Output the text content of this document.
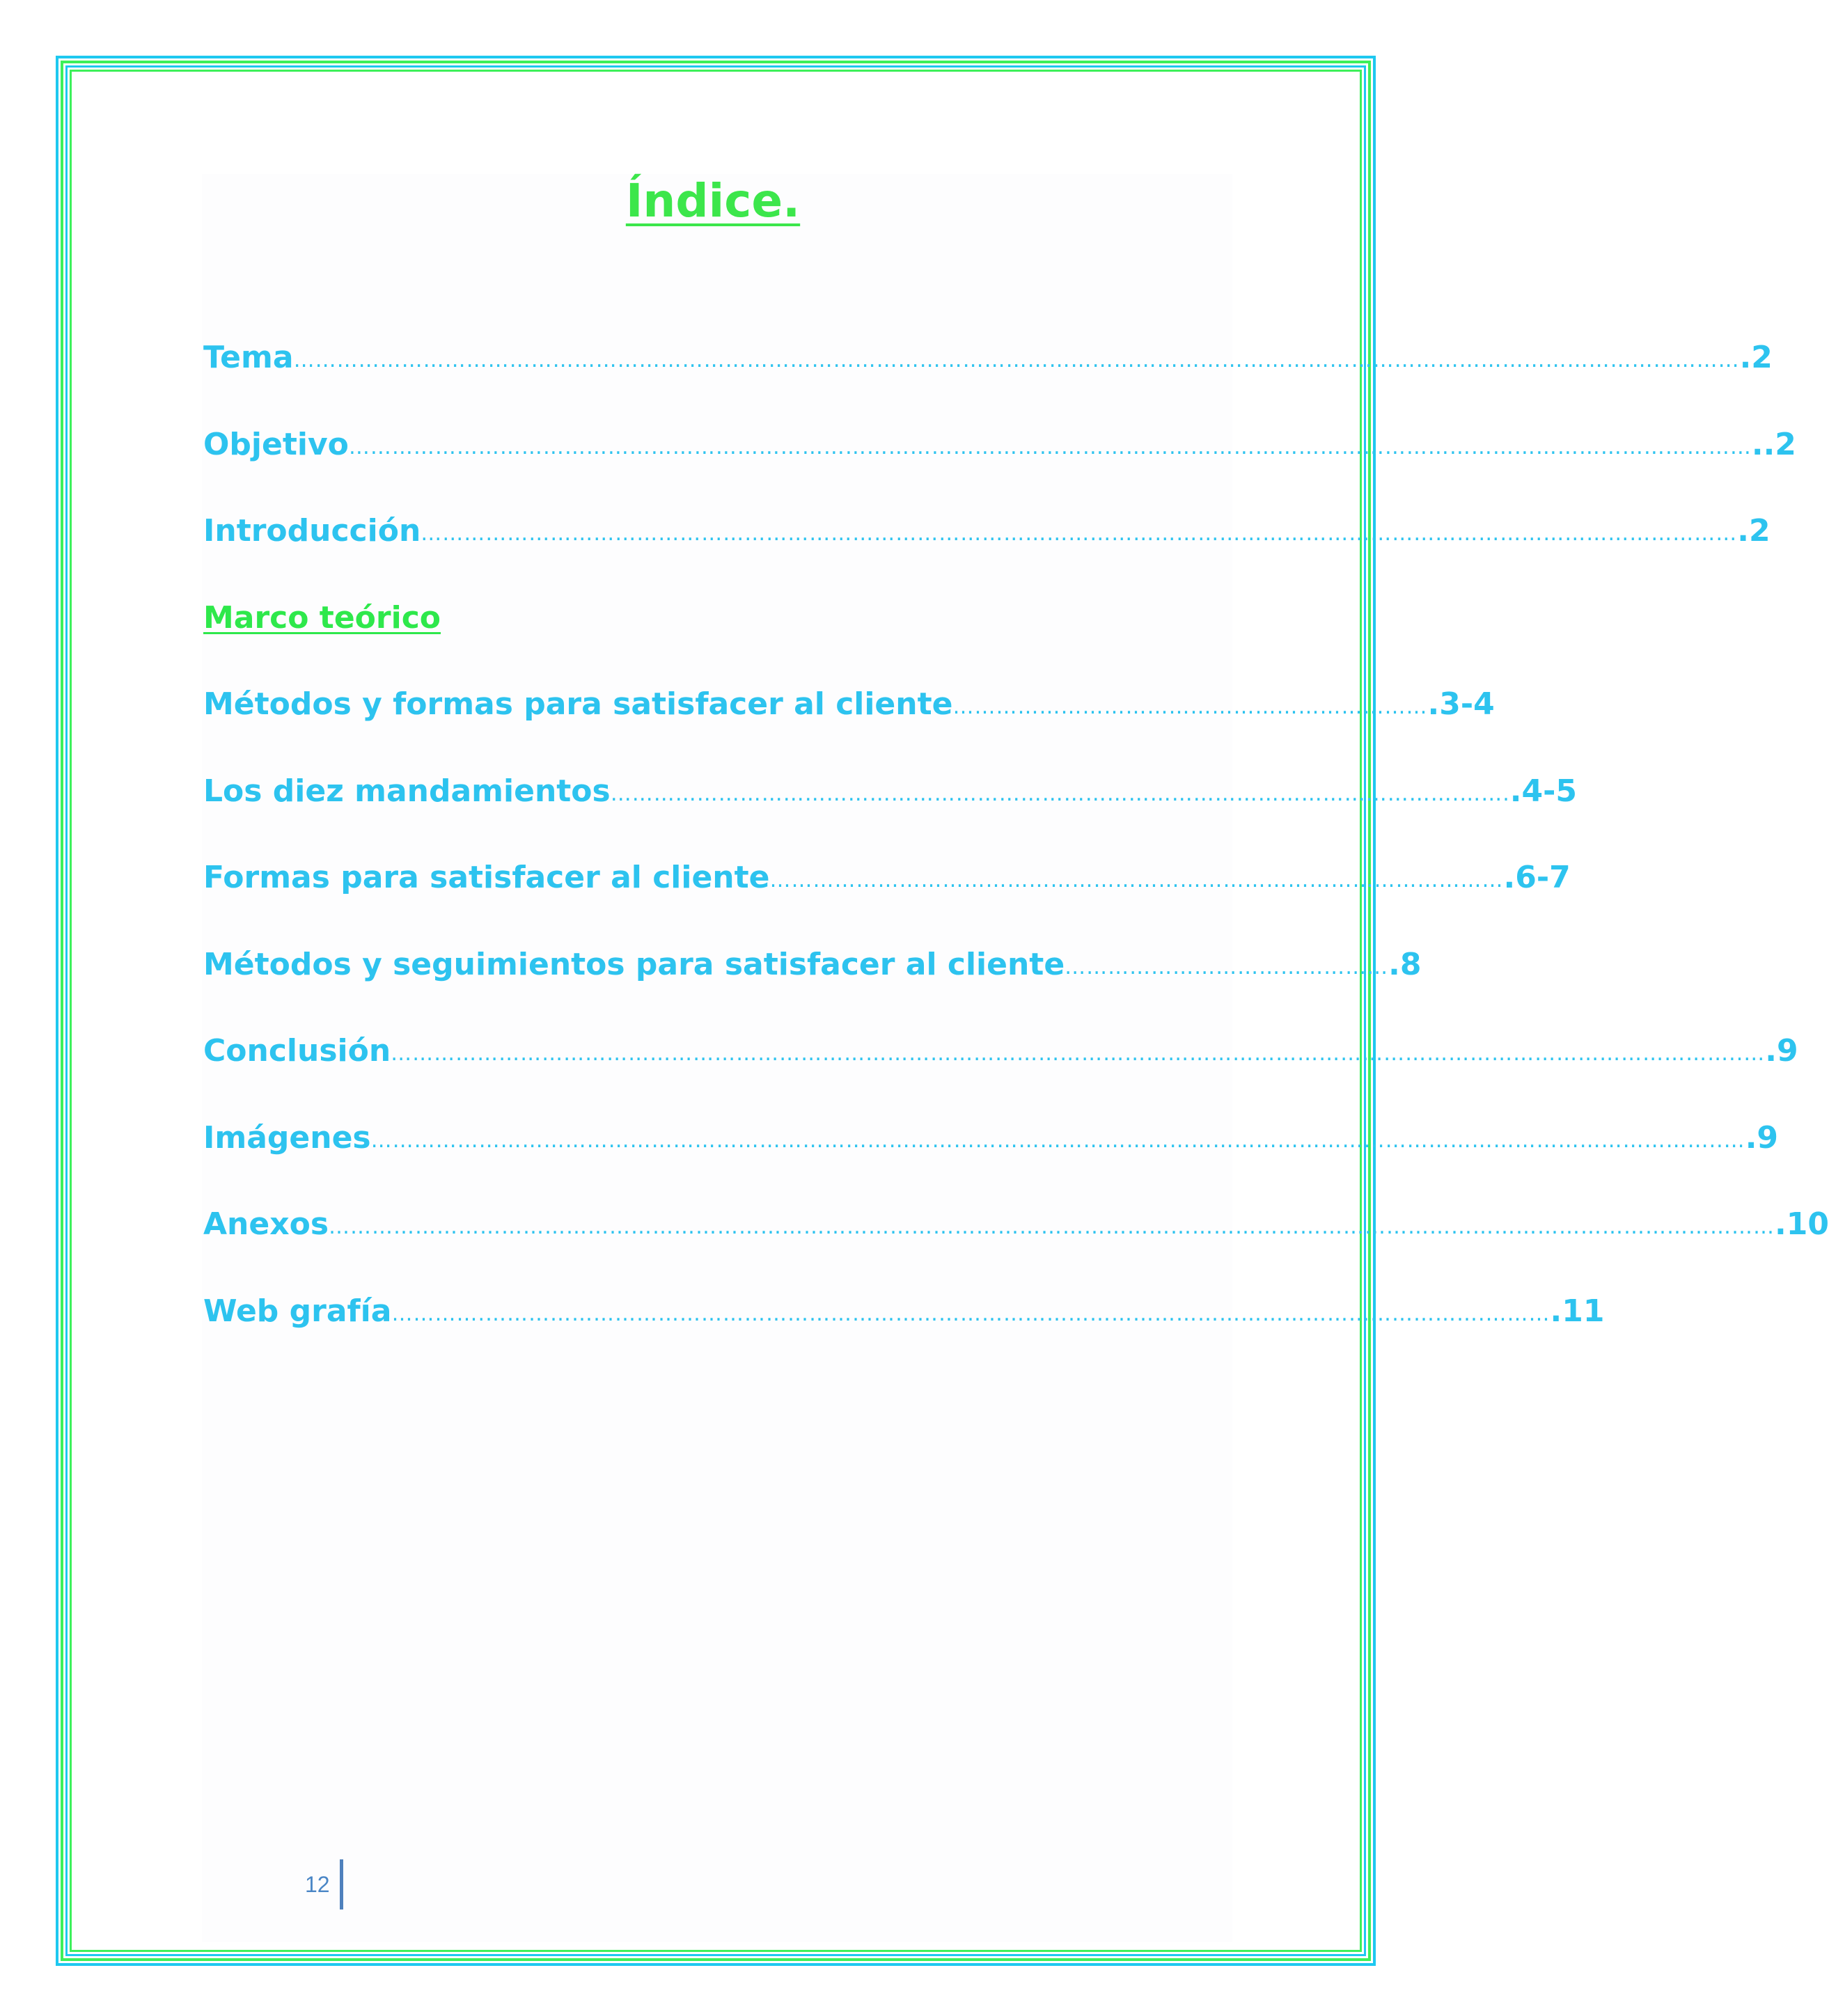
Índice.
Tema ………………………………………………………………………………………………………………………………………………………………………………… .2
Objetivo …………………………………………………………………………………………………………………………………………………………………………… ..2
Introducción ………………………………………………………………………………………………………………………………………………………………… .2
Marco teórico
Métodos y formas para satisfacer al cliente ………………………………………………………… .3-4
Los diez mandamientos ……………………………………………………………………………………………………….……. .4-5
Formas para satisfacer al cliente ………………………………………………………………………………………… .6-7
Métodos y seguimientos para satisfacer al cliente ……………………………………… .8
Conclusión ……………………………………………………………………………………………………………………………………………………………………..… .9
Imágenes ……………………………………………………………………………………………………………………………………………………………………..… .9
Anexos ………………………………………………………………………………………………………………………………………………………………………………… .10
Web grafía ………….………………………………………………………………………………………………………………………….……… .11
12
